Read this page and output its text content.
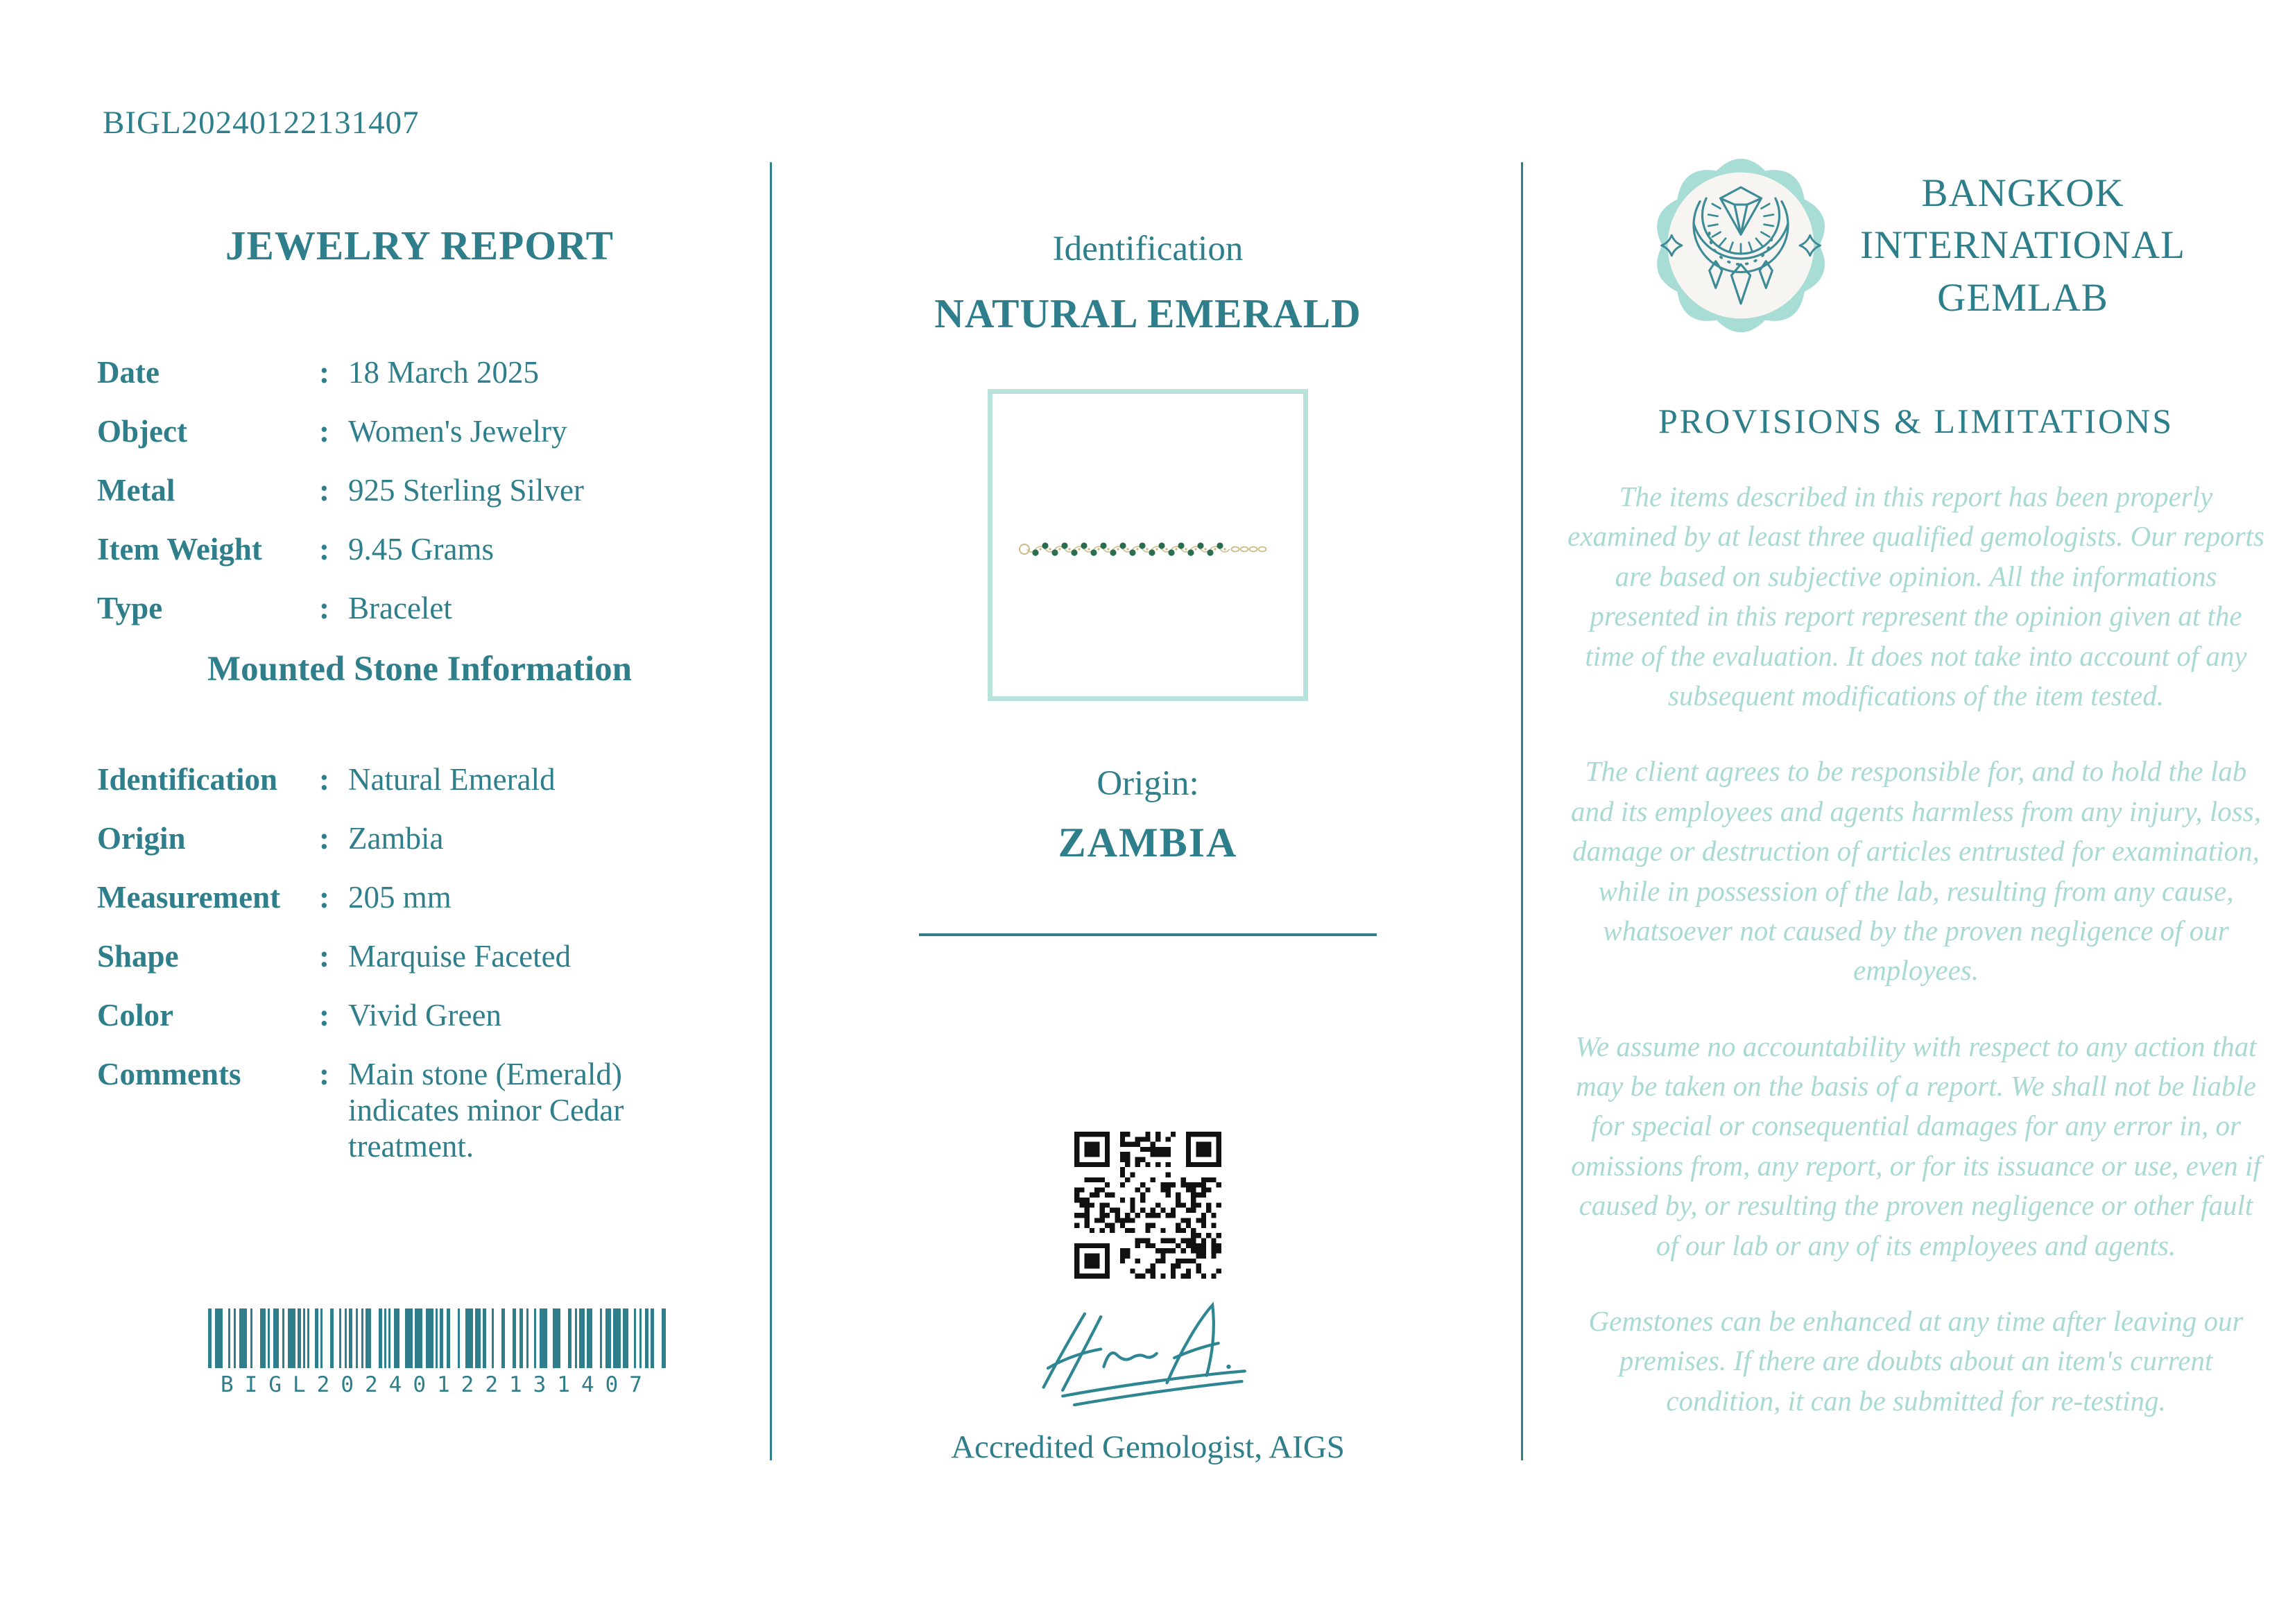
BIGL20240122131407
JEWELRY REPORT
Date	: 18 March 2025
Object	: Women's Jewelry
Metal	: 925 Sterling Silver
Item Weight : 9.45 Grams
Type	: Bracelet
Mounted Stone Information
Identification : Natural Emerald
Origin	: Zambia
Measurement : 205 mm
Shape	: Marquise Faceted
Color	: Vivid Green
Comments	: Main stone (Emerald) indicates minor Cedar treatment.
BIGL20240122131407
Identification
NATURAL EMERALD
Origin:
ZAMBIA
Accredited Gemologist, AIGS
BANGKOK
INTERNATIONAL
GEMLAB
PROVISIONS & LIMITATIONS

The items described in this report has been properly examined by at least three qualified gemologists. Our reports are based on subjective opinion. All the informations presented in this report represent the opinion given at the time of the evaluation. It does not take into account of any subsequent modifications of the item tested.

The client agrees to be responsible for, and to hold the lab and its employees and agents harmless from any injury, loss, damage or destruction of articles entrusted for examination, while in possession of the lab, resulting from any cause, whatsoever not caused by the proven negligence of our employees.

We assume no accountability with respect to any action that may be taken on the basis of a report. We shall not be liable for special or consequential damages for any error in, or omissions from, any report, or for its issuance or use, even if caused by, or resulting the proven negligence or other fault of our lab or any of its employees and agents.

Gemstones can be enhanced at any time after leaving our premises. If there are doubts about an item's current condition, it can be submitted for re-testing.
